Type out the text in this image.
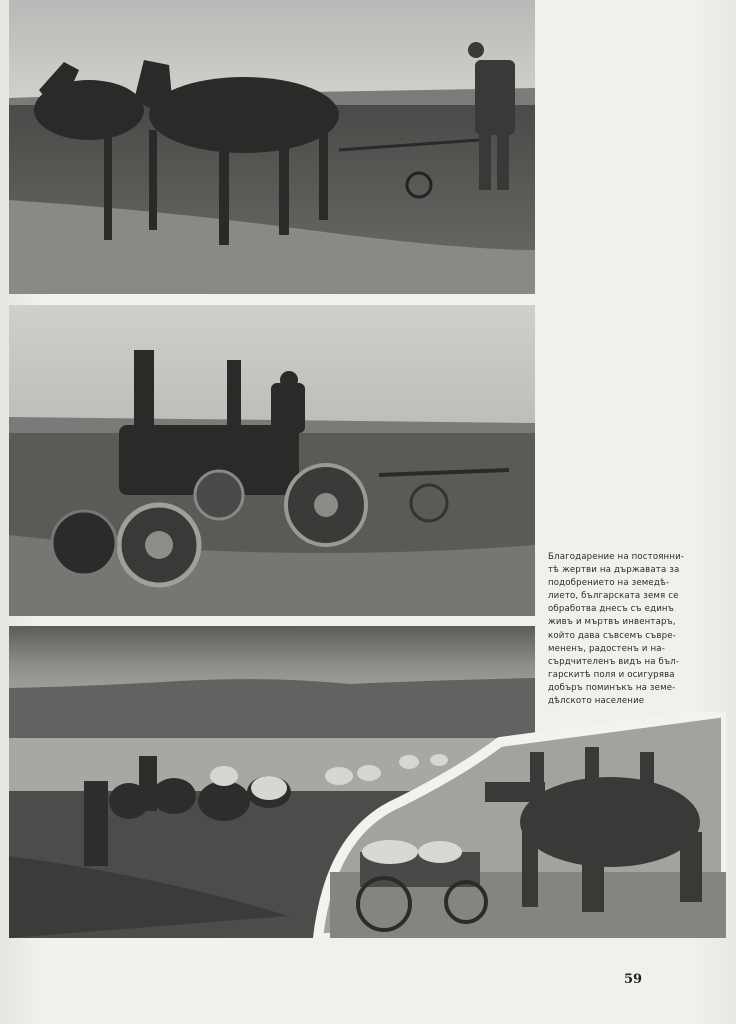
Благодарение на постоянни-
тѣ жертви на държавата за
подобрението на земедѣ-
лието, българската земя се
обработва днесъ съ единъ
живъ и мъртвъ инвентаръ,
който дава съвсемъ съвре-
мененъ, радостенъ и на-
сърдчителенъ видъ на бъл-
гарскитѣ поля и осигурява
добъръ поминъкъ на земе-
дѣлското население
59
